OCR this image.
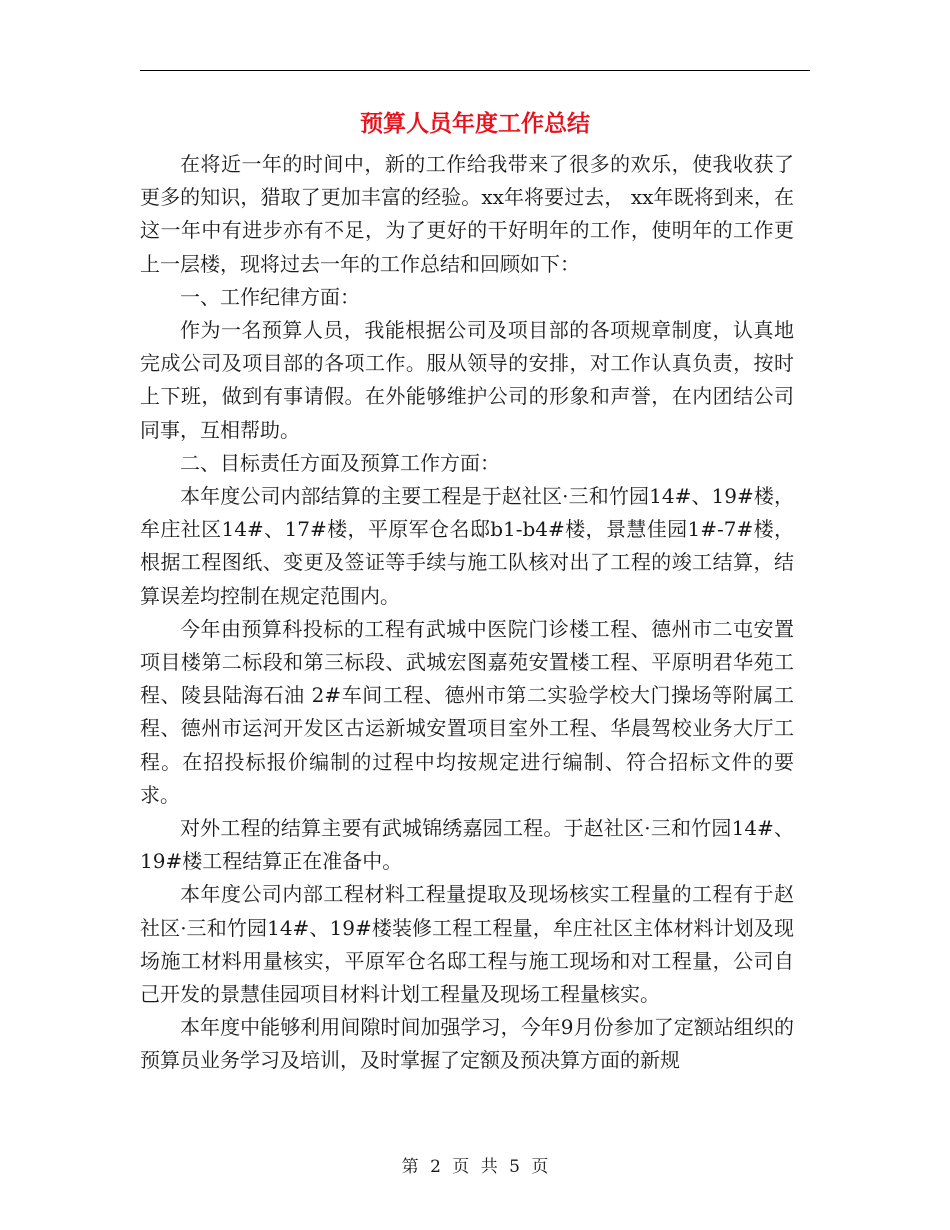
预算人员年度工作总结

在将近一年的时间中，新的工作给我带来了很多的欢乐，使我收获了更多的知识，猎取了更加丰富的经验。xx年将要过去， xx年既将到来，在这一年中有进步亦有不足，为了更好的干好明年的工作，使明年的工作更上一层楼，现将过去一年的工作总结和回顾如下：

一、工作纪律方面：

作为一名预算人员，我能根据公司及项目部的各项规章制度，认真地完成公司及项目部的各项工作。服从领导的安排，对工作认真负责，按时上下班，做到有事请假。在外能够维护公司的形象和声誉，在内团结公司同事，互相帮助。

二、目标责任方面及预算工作方面：

本年度公司内部结算的主要工程是于赵社区·三和竹园14#、19#楼，牟庄社区14#、17#楼，平原军仓名邸b1-b4#楼，景慧佳园1#-7#楼，根据工程图纸、变更及签证等手续与施工队核对出了工程的竣工结算，结算误差均控制在规定范围内。

今年由预算科投标的工程有武城中医院门诊楼工程、德州市二屯安置项目楼第二标段和第三标段、武城宏图嘉苑安置楼工程、平原明君华苑工程、陵县陆海石油 2#车间工程、德州市第二实验学校大门操场等附属工程、德州市运河开发区古运新城安置项目室外工程、华晨驾校业务大厅工程。在招投标报价编制的过程中均按规定进行编制、符合招标文件的要求。

对外工程的结算主要有武城锦绣嘉园工程。于赵社区·三和竹园14#、19#楼工程结算正在准备中。

本年度公司内部工程材料工程量提取及现场核实工程量的工程有于赵社区·三和竹园14#、19#楼装修工程工程量，牟庄社区主体材料计划及现场施工材料用量核实，平原军仓名邸工程与施工现场和对工程量，公司自己开发的景慧佳园项目材料计划工程量及现场工程量核实。

本年度中能够利用间隙时间加强学习，今年9月份参加了定额站组织的预算员业务学习及培训，及时掌握了定额及预决算方面的新规

第 2 页 共 5 页
